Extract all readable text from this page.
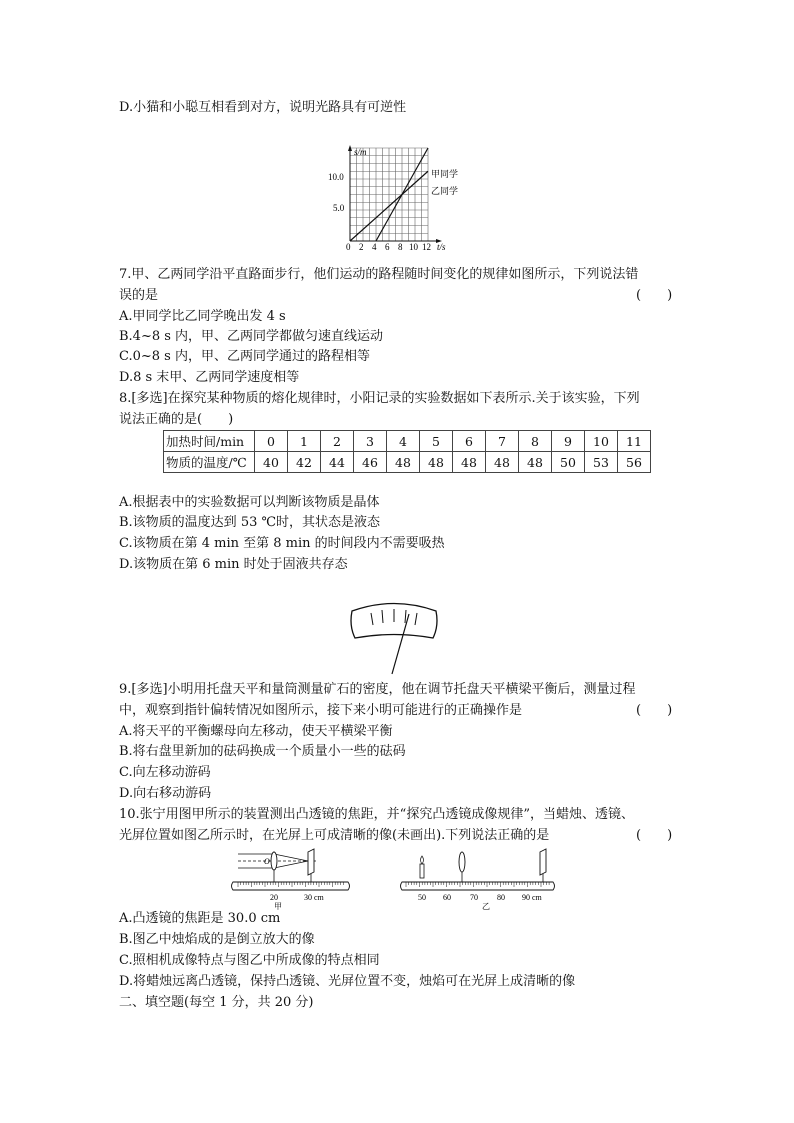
D.小猫和小聪互相看到对方，说明光路具有可逆性
s/m
t/s
10.0
5.0
0 2 4 6 8 10 12
甲同学
乙同学
7.甲、乙两同学沿平直路面步行，他们运动的路程随时间变化的规律如图所示，下列说法错
误的是	(　　)
A.甲同学比乙同学晚出发 4 s
B.4~8 s 内，甲、乙两同学都做匀速直线运动
C.0~8 s 内，甲、乙两同学通过的路程相等
D.8 s 末甲、乙两同学速度相等
8.[多选]在探究某种物质的熔化规律时，小阳记录的实验数据如下表所示.关于该实验，下列
说法正确的是(　　)
加热时间/min	0	1	2	3	4	5	6	7	8	9	10	11
物质的温度/℃	40	42	44	46	48	48	48	48	48	50	53	56
A.根据表中的实验数据可以判断该物质是晶体
B.该物质的温度达到 53 ℃时，其状态是液态
C.该物质在第 4 min 至第 8 min 的时间段内不需要吸热
D.该物质在第 6 min 时处于固液共存态
9.[多选]小明用托盘天平和量筒测量矿石的密度，他在调节托盘天平横梁平衡后，测量过程
中，观察到指针偏转情况如图所示，接下来小明可能进行的正确操作是	(　　)
A.将天平的平衡螺母向左移动，使天平横梁平衡
B.将右盘里新加的砝码换成一个质量小一些的砝码
C.向左移动游码
D.向右移动游码
10.张宁用图甲所示的装置测出凸透镜的焦距，并“探究凸透镜成像规律”，当蜡烛、透镜、
光屏位置如图乙所示时，在光屏上可成清晰的像(未画出).下列说法正确的是	(　　)
O
20	30 cm
甲
50 60 70 80 90 cm
乙
A.凸透镜的焦距是 30.0 cm
B.图乙中烛焰成的是倒立放大的像
C.照相机成像特点与图乙中所成像的特点相同
D.将蜡烛远离凸透镜，保持凸透镜、光屏位置不变，烛焰可在光屏上成清晰的像
二、填空题(每空 1 分，共 20 分)
